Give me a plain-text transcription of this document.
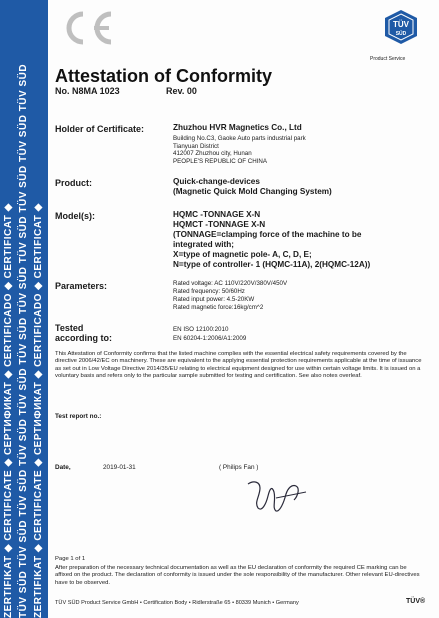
ZERTIFIKAT ◆ CERTIFICATE ◆ СЕРТИФИКАТ ◆ CERTIFICADO ◆ CERTIFICAT ◆ TÜV SÜD TÜV SÜD TÜV SÜD TÜV SÜD TÜV SÜD TÜV SÜD TÜV SÜD TÜV SÜD TÜV SÜD TÜV SÜD TÜV SÜD ZERTIFIKAT ◆ CERTIFICATE ◆ СЕРТИФИКАТ ◆ CERTIFICADO ◆ CERTIFICAT ◆
TÜV
SÜD
Product Service
Attestation of Conformity
No. N8MA 1023	Rev. 00
Holder of Certificate:	Zhuzhou HVR Magnetics Co., Ltd
Building No.C3, Gaoke Auto parts industrial park
Tianyuan District
412007 Zhuzhou city, Hunan
PEOPLE'S REPUBLIC OF CHINA
Product:	Quick-change-devices
(Magnetic Quick Mold Changing System)
Model(s):	HQMC -TONNAGE X-N
HQMCT -TONNAGE X-N
(TONNAGE=clamping force of the machine to be
integrated with;
X=type of magnetic pole- A, C, D, E;
N=type of controller- 1 (HQMC-11A), 2(HQMC-12A))
Parameters:	Rated voltage: AC 110V/220V/380V/450V
Rated frequency: 50/60Hz
Rated input power: 4.5-20KW
Rated magnetic force:16kg/cm^2
Tested
according to:
EN ISO 12100:2010
EN 60204-1:2006/A1:2009
This Attestation of Conformity confirms that the listed machine complies with the essential electrical safety requirements covered by the directive 2006/42/EC on machinery. These are equivalent to the applying essential protection requirements applicable at the time of issuance as set out in Low Voltage Directive 2014/35/EU relating to electrical equipment designed for use within certain voltage limits. It is issued on a voluntary basis and refers only to the particular sample submitted for testing and certification. See also notes overleaf.
Test report no.:
Date,	2019-01-31	( Philips Fan )
Page 1 of 1
After preparation of the necessary technical documentation as well as the EU declaration of conformity the required CE marking can be affixed on the product. The declaration of conformity is issued under the sole responsibility of the manufacturer. Other relevant EU-directives have to be observed.
TÜV SÜD Product Service GmbH • Certification Body • Ridlerstraße 65 • 80339 Munich • Germany	TÜV®
